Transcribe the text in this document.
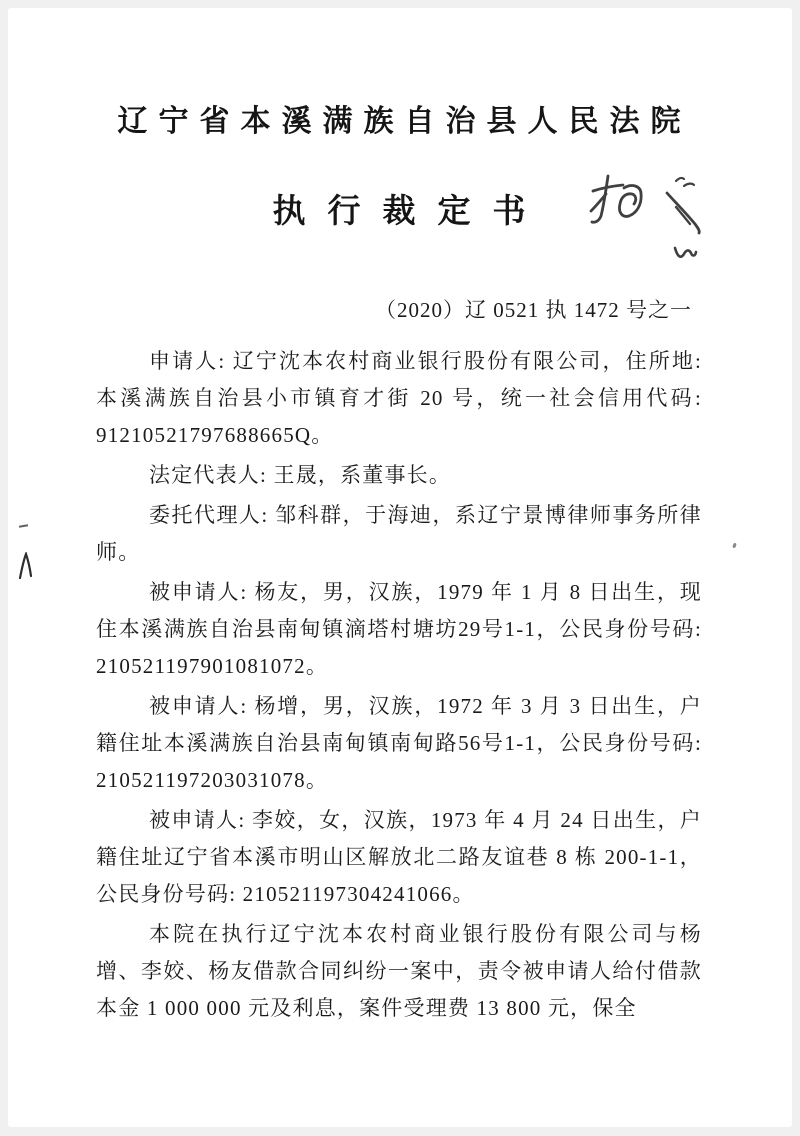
辽宁省本溪满族自治县人民法院
执行裁定书
（2020）辽 0521 执 1472 号之一

申请人: 辽宁沈本农村商业银行股份有限公司，住所地: 本溪满族自治县小市镇育才街 20 号，统一社会信用代码: 91210521797688665Q。

法定代表人: 王晟，系董事长。

委托代理人: 邹科群，于海迪，系辽宁景博律师事务所律师。

被申请人: 杨友，男，汉族，1979 年 1 月 8 日出生，现住本溪满族自治县南甸镇滴塔村塘坊29号1-1，公民身份号码: 210521197901081072。

被申请人: 杨增，男，汉族，1972 年 3 月 3 日出生，户籍住址本溪满族自治县南甸镇南甸路56号1-1，公民身份号码: 210521197203031078。

被申请人: 李姣，女，汉族，1973 年 4 月 24 日出生，户籍住址辽宁省本溪市明山区解放北二路友谊巷 8 栋 200-1-1，公民身份号码: 210521197304241066。

本院在执行辽宁沈本农村商业银行股份有限公司与杨增、李姣、杨友借款合同纠纷一案中，责令被申请人给付借款本金 1 000 000 元及利息，案件受理费 13 800 元，保全
